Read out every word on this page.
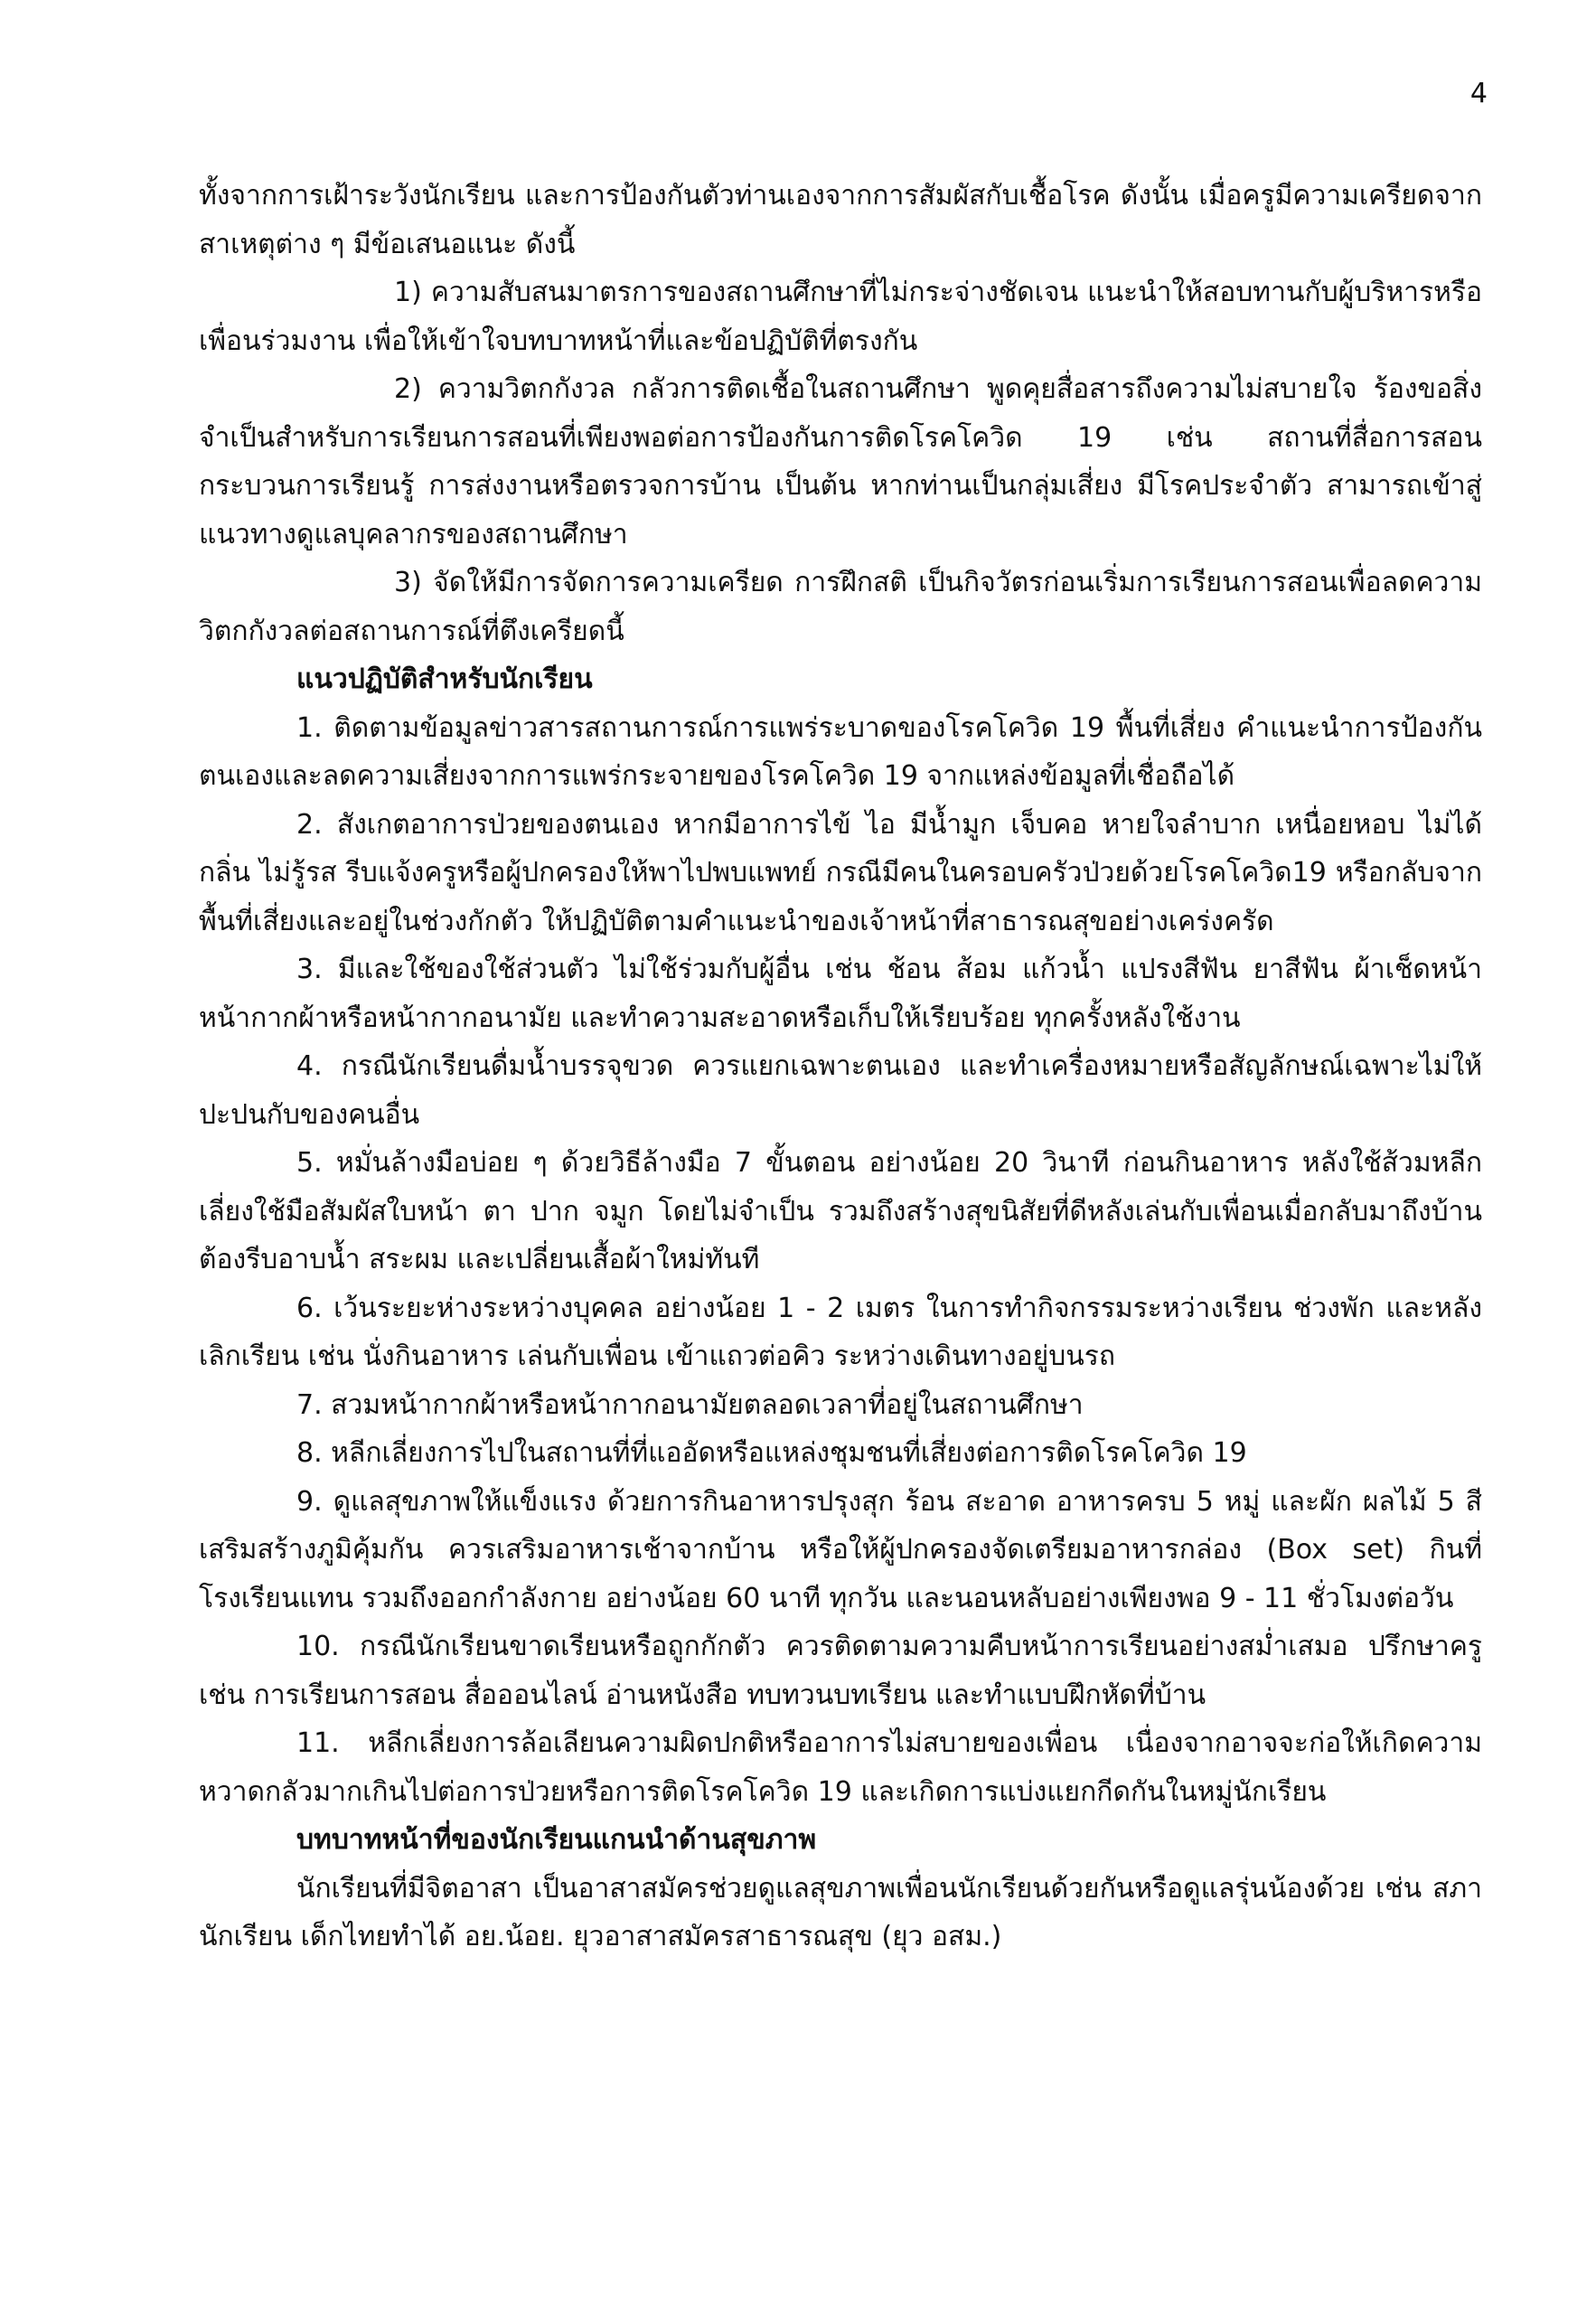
4

ทั้งจากการเฝ้าระวังนักเรียน และการป้องกันตัวท่านเองจากการสัมผัสกับเชื้อโรค ดังนั้น เมื่อครูมีความเครียดจากสาเหตุต่าง ๆ มีข้อเสนอแนะ ดังนี้

1) ความสับสนมาตรการของสถานศึกษาที่ไม่กระจ่างชัดเจน แนะนำให้สอบทานกับผู้บริหารหรือเพื่อนร่วมงาน เพื่อให้เข้าใจบทบาทหน้าที่และข้อปฏิบัติที่ตรงกัน

2) ความวิตกกังวล กลัวการติดเชื้อในสถานศึกษา พูดคุยสื่อสารถึงความไม่สบายใจ ร้องขอสิ่งจำเป็นสำหรับการเรียนการสอนที่เพียงพอต่อการป้องกันการติดโรคโควิด 19 เช่น สถานที่สื่อการสอน กระบวนการเรียนรู้ การส่งงานหรือตรวจการบ้าน เป็นต้น หากท่านเป็นกลุ่มเสี่ยง มีโรคประจำตัว สามารถเข้าสู่แนวทางดูแลบุคลากรของสถานศึกษา

3) จัดให้มีการจัดการความเครียด การฝึกสติ เป็นกิจวัตรก่อนเริ่มการเรียนการสอนเพื่อลดความวิตกกังวลต่อสถานการณ์ที่ตึงเครียดนี้

แนวปฏิบัติสำหรับนักเรียน

1. ติดตามข้อมูลข่าวสารสถานการณ์การแพร่ระบาดของโรคโควิด 19 พื้นที่เสี่ยง คำแนะนำการป้องกันตนเองและลดความเสี่ยงจากการแพร่กระจายของโรคโควิด 19 จากแหล่งข้อมูลที่เชื่อถือได้

2. สังเกตอาการป่วยของตนเอง หากมีอาการไข้ ไอ มีน้ำมูก เจ็บคอ หายใจลำบาก เหนื่อยหอบ ไม่ได้กลิ่น ไม่รู้รส รีบแจ้งครูหรือผู้ปกครองให้พาไปพบแพทย์ กรณีมีคนในครอบครัวป่วยด้วยโรคโควิด19 หรือกลับจากพื้นที่เสี่ยงและอยู่ในช่วงกักตัว ให้ปฏิบัติตามคำแนะนำของเจ้าหน้าที่สาธารณสุขอย่างเคร่งครัด

3. มีและใช้ของใช้ส่วนตัว ไม่ใช้ร่วมกับผู้อื่น เช่น ช้อน ส้อม แก้วน้ำ แปรงสีฟัน ยาสีฟัน ผ้าเช็ดหน้าหน้ากากผ้าหรือหน้ากากอนามัย และทำความสะอาดหรือเก็บให้เรียบร้อย ทุกครั้งหลังใช้งาน

4. กรณีนักเรียนดื่มน้ำบรรจุขวด ควรแยกเฉพาะตนเอง และทำเครื่องหมายหรือสัญลักษณ์เฉพาะไม่ให้ปะปนกับของคนอื่น

5. หมั่นล้างมือบ่อย ๆ ด้วยวิธีล้างมือ 7 ขั้นตอน อย่างน้อย 20 วินาที ก่อนกินอาหาร หลังใช้ส้วมหลีกเลี่ยงใช้มือสัมผัสใบหน้า ตา ปาก จมูก โดยไม่จำเป็น รวมถึงสร้างสุขนิสัยที่ดีหลังเล่นกับเพื่อนเมื่อกลับมาถึงบ้านต้องรีบอาบน้ำ สระผม และเปลี่ยนเสื้อผ้าใหม่ทันที

6. เว้นระยะห่างระหว่างบุคคล อย่างน้อย 1 - 2 เมตร ในการทำกิจกรรมระหว่างเรียน ช่วงพัก และหลังเลิกเรียน เช่น นั่งกินอาหาร เล่นกับเพื่อน เข้าแถวต่อคิว ระหว่างเดินทางอยู่บนรถ

7. สวมหน้ากากผ้าหรือหน้ากากอนามัยตลอดเวลาที่อยู่ในสถานศึกษา

8. หลีกเลี่ยงการไปในสถานที่ที่แออัดหรือแหล่งชุมชนที่เสี่ยงต่อการติดโรคโควิด 19

9. ดูแลสุขภาพให้แข็งแรง ด้วยการกินอาหารปรุงสุก ร้อน สะอาด อาหารครบ 5 หมู่ และผัก ผลไม้ 5 สี เสริมสร้างภูมิคุ้มกัน ควรเสริมอาหารเช้าจากบ้าน หรือให้ผู้ปกครองจัดเตรียมอาหารกล่อง (Box set) กินที่โรงเรียนแทน รวมถึงออกกำลังกาย อย่างน้อย 60 นาที ทุกวัน และนอนหลับอย่างเพียงพอ 9 - 11 ชั่วโมงต่อวัน

10. กรณีนักเรียนขาดเรียนหรือถูกกักตัว ควรติดตามความคืบหน้าการเรียนอย่างสม่ำเสมอ ปรึกษาครูเช่น การเรียนการสอน สื่อออนไลน์ อ่านหนังสือ ทบทวนบทเรียน และทำแบบฝึกหัดที่บ้าน

11. หลีกเลี่ยงการล้อเลียนความผิดปกติหรืออาการไม่สบายของเพื่อน เนื่องจากอาจจะก่อให้เกิดความหวาดกลัวมากเกินไปต่อการป่วยหรือการติดโรคโควิด 19 และเกิดการแบ่งแยกกีดกันในหมู่นักเรียน

บทบาทหน้าที่ของนักเรียนแกนนำด้านสุขภาพ

นักเรียนที่มีจิตอาสา เป็นอาสาสมัครช่วยดูแลสุขภาพเพื่อนนักเรียนด้วยกันหรือดูแลรุ่นน้องด้วย เช่น สภานักเรียน เด็กไทยทำได้ อย.น้อย. ยุวอาสาสมัครสาธารณสุข (ยุว อสม.)
